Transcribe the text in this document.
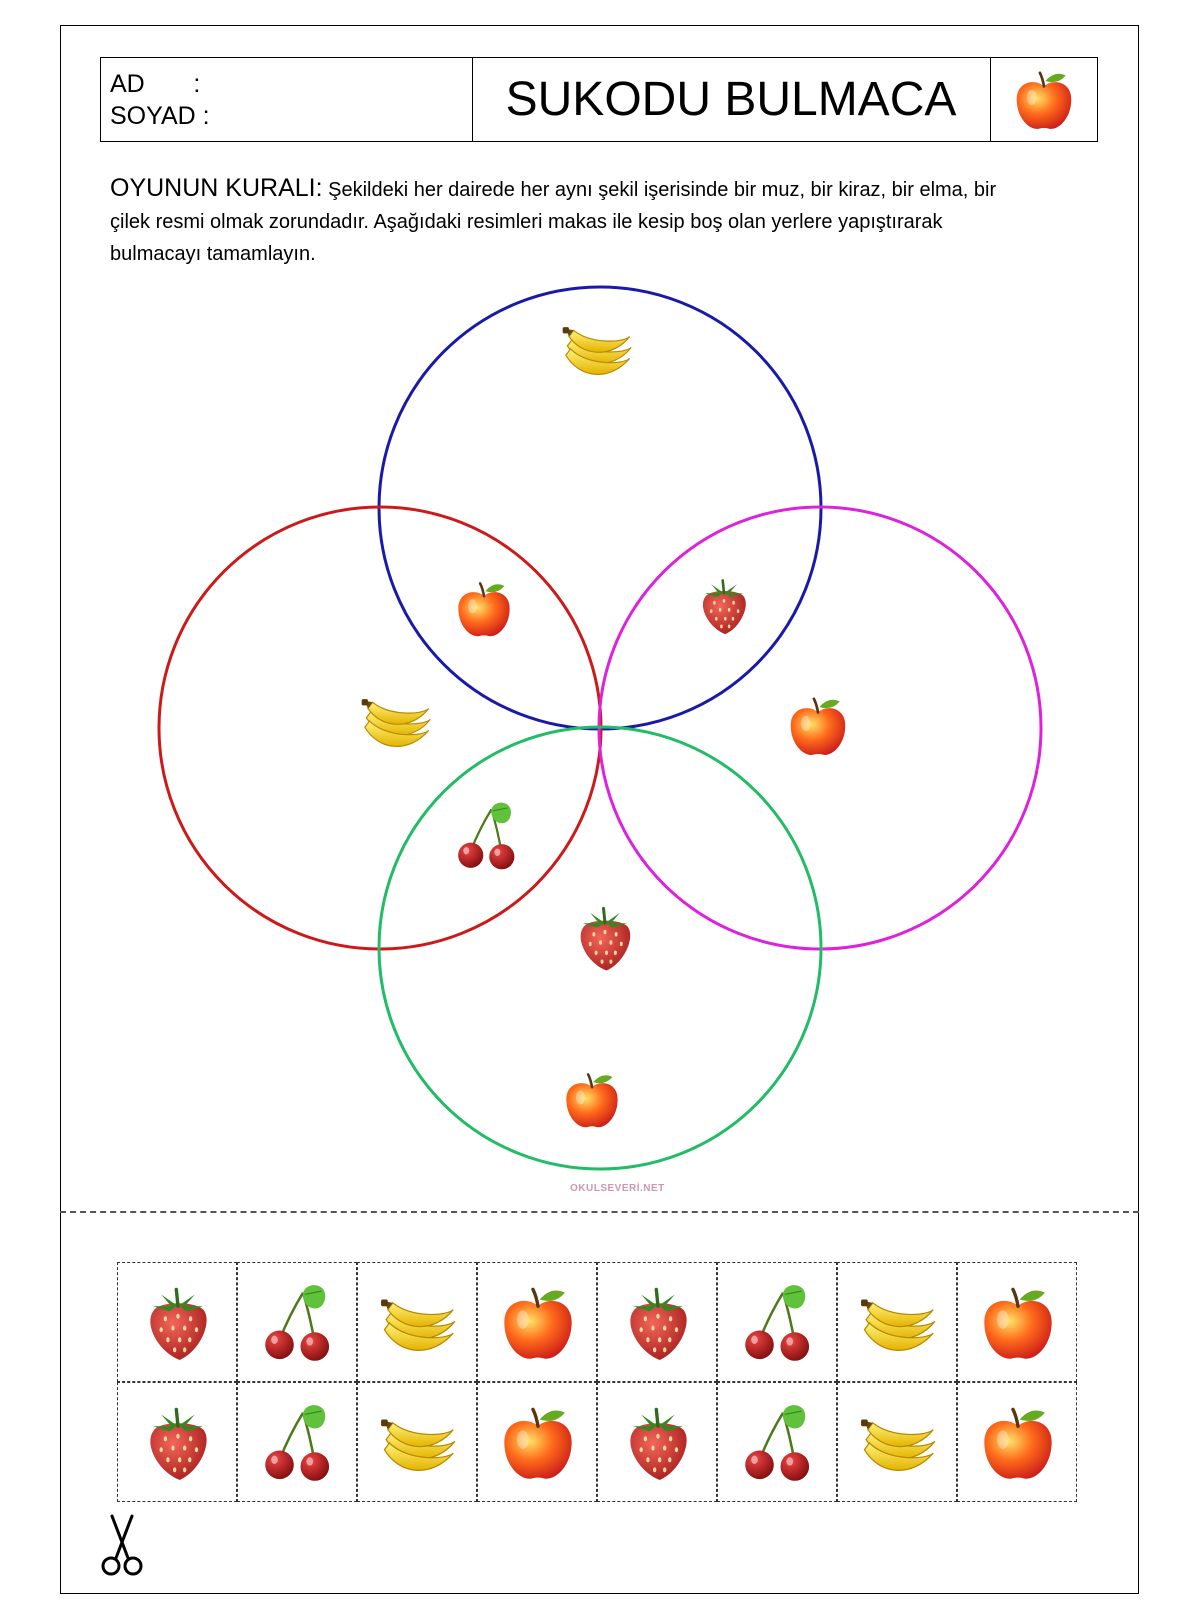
AD       :
SOYAD :	SUKODU BULMACA
OYUNUN KURALI: Şekildeki her dairede her aynı şekil işerisinde bir muz, bir kiraz, bir elma, bir çilek resmi olmak zorundadır. Aşağıdaki resimleri makas ile kesip boş olan yerlere yapıştırarak bulmacayı tamamlayın.
OKULSEVERİ.NET
